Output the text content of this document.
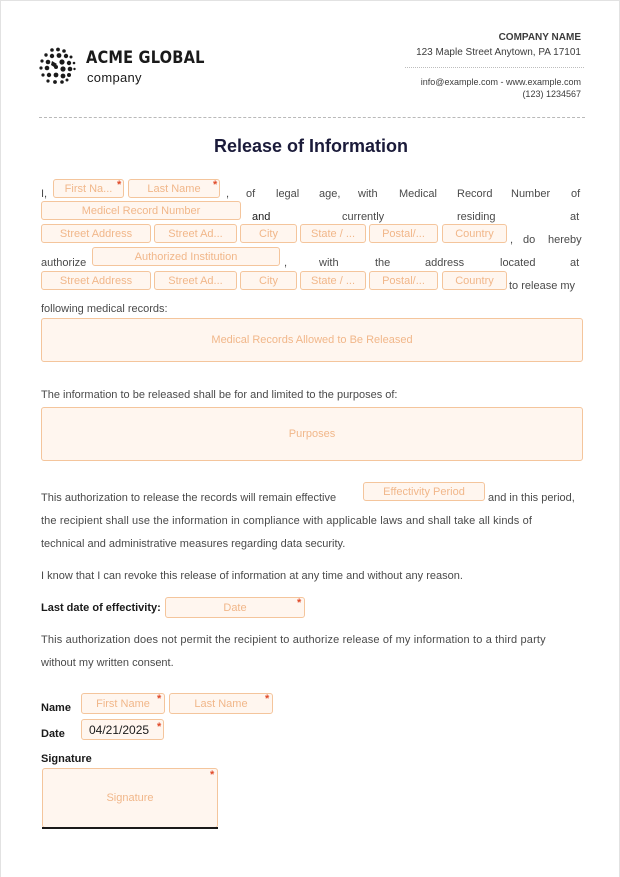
ACME GLOBAL
company
COMPANY NAME
123 Maple Street Anytown, PA 17101
info@example.com - www.example.com
(123) 1234567
Release of Information
I, First Na... * Last Name *
, of legal age, with Medical Record Number of
Medicel Record Number
and	currently	residing	at
Street Address	Street Ad...	City	State / ... Postal/...	Country
, do hereby
authorize
Authorized Institution
,	with	the	address	located	at
Street Address	Street Ad...	City	State / ... Postal/...	Country to release my
following medical records:
Medical Records Allowed to Be Released
The information to be released shall be for and limited to the purposes of:
Purposes
This authorization to release the records will remain effective
Effectivity Period
and in this period,
the recipient shall use the information in compliance with applicable laws and shall take all kinds of
technical and administrative measures regarding data security.
I know that I can revoke this release of information at any time and without any reason.
Last date of effectivity:	Date	*
This authorization does not permit the recipient to authorize release of my information to a third party
without my written consent.
Name First Name *	Last Name *
Date	04/21/2025 *
Signature
Signature
*
